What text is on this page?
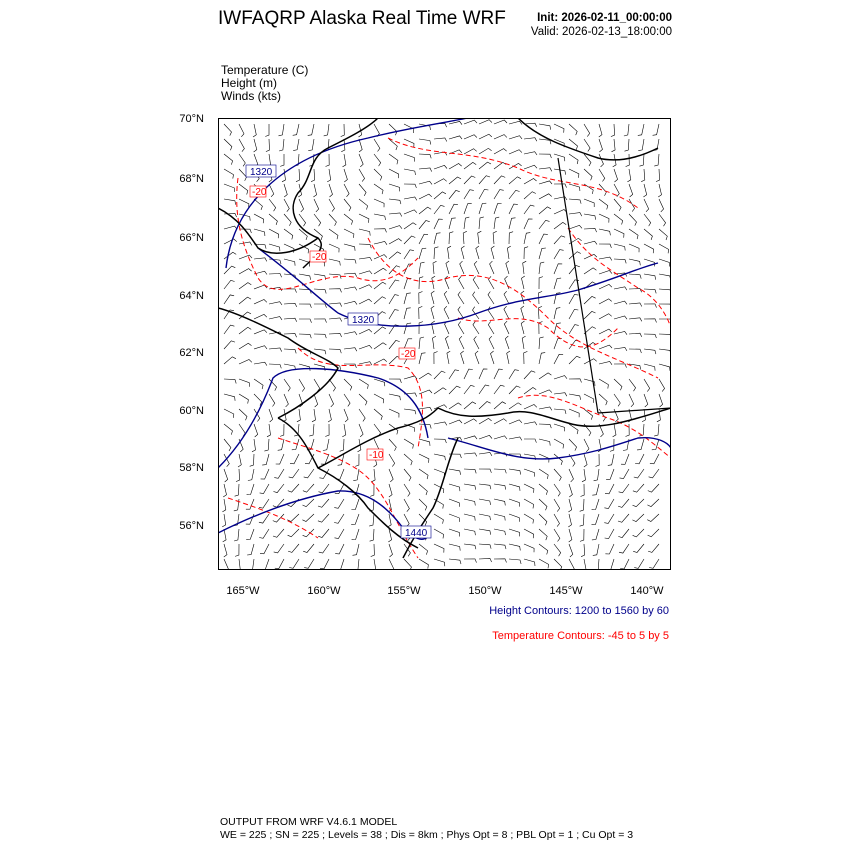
IWFAQRP Alaska Real Time WRF	Init: 2026-02-11_00:00:00
Valid: 2026-02-13_18:00:00
Temperature (C)
Height (m)
Winds (kts)
70°N
68°N
66°N
64°N
62°N
60°N
58°N
56°N
165°W	160°W	155°W	150°W	145°W	140°W
1320
1320
1440
-20
-20
-20
-10
Height Contours: 1200 to 1560 by 60
Temperature Contours: -45 to 5 by 5
OUTPUT FROM WRF V4.6.1 MODEL
WE = 225 ; SN = 225 ; Levels = 38 ; Dis = 8km ; Phys Opt = 8 ; PBL Opt = 1 ; Cu Opt = 3
